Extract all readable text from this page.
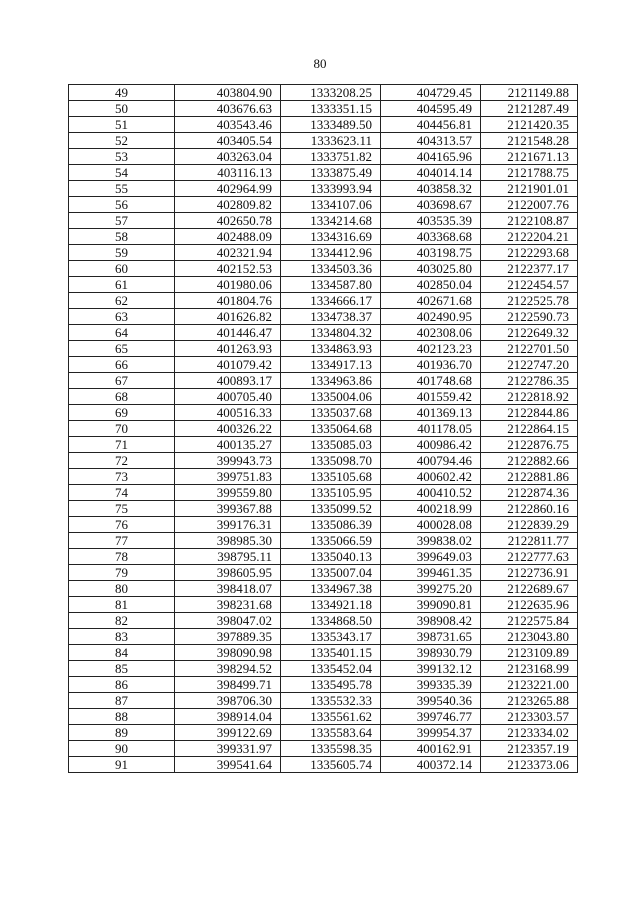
80
49	403804.90	1333208.25	404729.45	2121149.88
50	403676.63	1333351.15	404595.49	2121287.49
51	403543.46	1333489.50	404456.81	2121420.35
52	403405.54	1333623.11	404313.57	2121548.28
53	403263.04	1333751.82	404165.96	2121671.13
54	403116.13	1333875.49	404014.14	2121788.75
55	402964.99	1333993.94	403858.32	2121901.01
56	402809.82	1334107.06	403698.67	2122007.76
57	402650.78	1334214.68	403535.39	2122108.87
58	402488.09	1334316.69	403368.68	2122204.21
59	402321.94	1334412.96	403198.75	2122293.68
60	402152.53	1334503.36	403025.80	2122377.17
61	401980.06	1334587.80	402850.04	2122454.57
62	401804.76	1334666.17	402671.68	2122525.78
63	401626.82	1334738.37	402490.95	2122590.73
64	401446.47	1334804.32	402308.06	2122649.32
65	401263.93	1334863.93	402123.23	2122701.50
66	401079.42	1334917.13	401936.70	2122747.20
67	400893.17	1334963.86	401748.68	2122786.35
68	400705.40	1335004.06	401559.42	2122818.92
69	400516.33	1335037.68	401369.13	2122844.86
70	400326.22	1335064.68	401178.05	2122864.15
71	400135.27	1335085.03	400986.42	2122876.75
72	399943.73	1335098.70	400794.46	2122882.66
73	399751.83	1335105.68	400602.42	2122881.86
74	399559.80	1335105.95	400410.52	2122874.36
75	399367.88	1335099.52	400218.99	2122860.16
76	399176.31	1335086.39	400028.08	2122839.29
77	398985.30	1335066.59	399838.02	2122811.77
78	398795.11	1335040.13	399649.03	2122777.63
79	398605.95	1335007.04	399461.35	2122736.91
80	398418.07	1334967.38	399275.20	2122689.67
81	398231.68	1334921.18	399090.81	2122635.96
82	398047.02	1334868.50	398908.42	2122575.84
83	397889.35	1335343.17	398731.65	2123043.80
84	398090.98	1335401.15	398930.79	2123109.89
85	398294.52	1335452.04	399132.12	2123168.99
86	398499.71	1335495.78	399335.39	2123221.00
87	398706.30	1335532.33	399540.36	2123265.88
88	398914.04	1335561.62	399746.77	2123303.57
89	399122.69	1335583.64	399954.37	2123334.02
90	399331.97	1335598.35	400162.91	2123357.19
91	399541.64	1335605.74	400372.14	2123373.06
